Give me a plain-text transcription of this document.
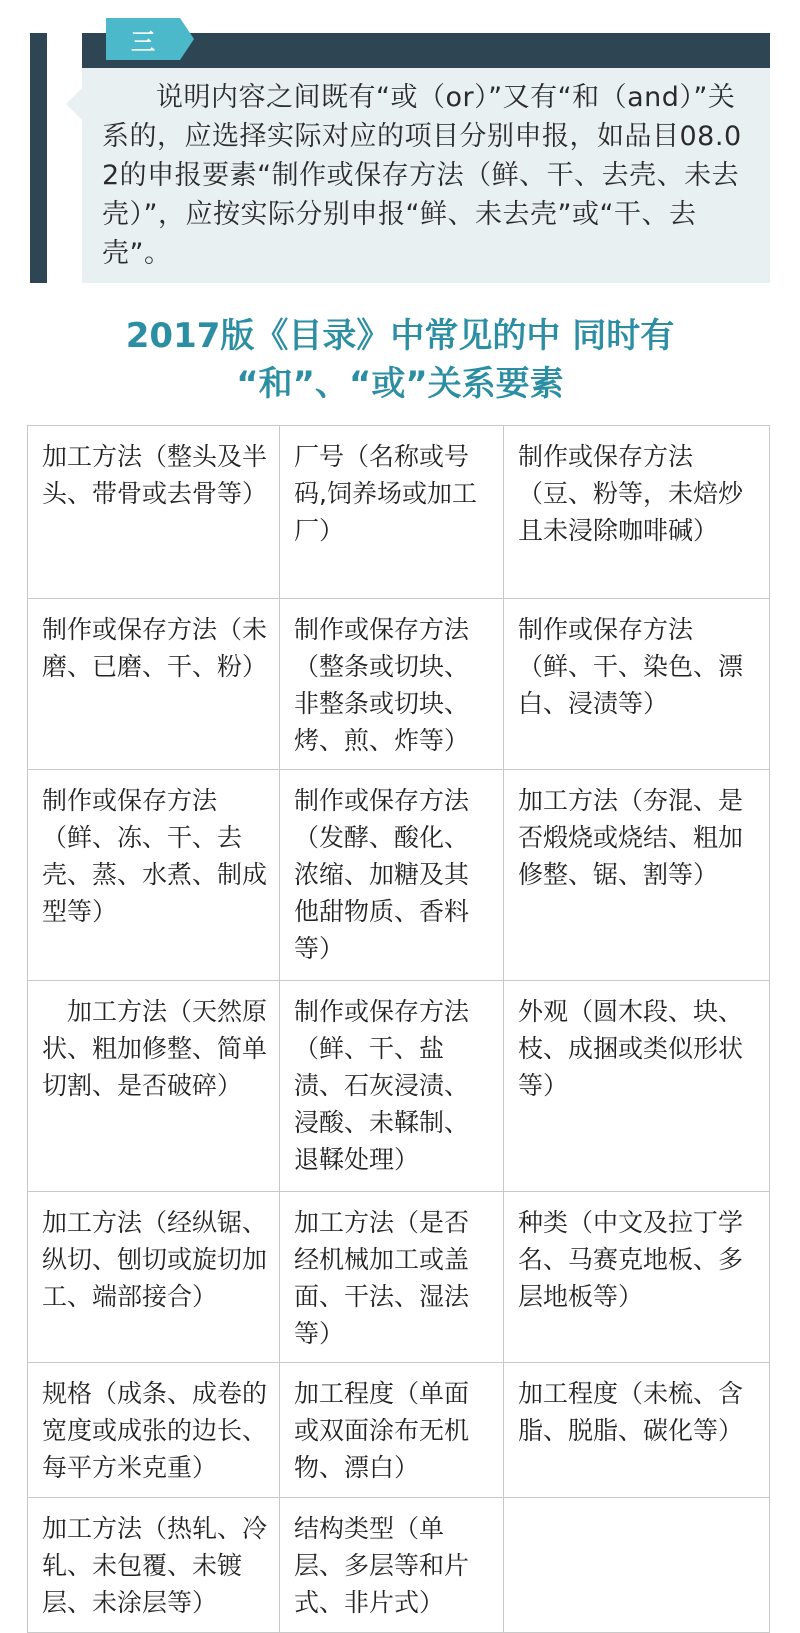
三
说明内容之间既有“或（or）”又有“和（and）”关系的，应选择实际对应的项目分别申报，如品目08.02的申报要素“制作或保存方法（鲜、干、去壳、未去壳）”，应按实际分别申报“鲜、未去壳”或“干、去壳”。
2017版《目录》中常见的中 同时有
“和”、“或”关系要素
加工方法（整头及半头、带骨或去骨等）	厂号（名称或号码,饲养场或加工厂）	制作或保存方法（豆、粉等，未焙炒且未浸除咖啡碱）
制作或保存方法（未磨、已磨、干、粉）	制作或保存方法（整条或切块、非整条或切块、烤、煎、炸等）	制作或保存方法（鲜、干、染色、漂白、浸渍等）
制作或保存方法（鲜、冻、干、去壳、蒸、水煮、制成型等）	制作或保存方法（发酵、酸化、浓缩、加糖及其他甜物质、香料等）	加工方法（夯混、是否煅烧或烧结、粗加修整、锯、割等）
　加工方法（天然原状、粗加修整、简单切割、是否破碎）	制作或保存方法（鲜、干、盐渍、石灰浸渍、浸酸、未鞣制、退鞣处理）	外观（圆木段、块、枝、成捆或类似形状等）
加工方法（经纵锯、纵切、刨切或旋切加工、端部接合）	加工方法（是否经机械加工或盖面、干法、湿法等）	种类（中文及拉丁学名、马赛克地板、多层地板等）
规格（成条、成卷的宽度或成张的边长、每平方米克重）	加工程度（单面或双面涂布无机物、漂白）	加工程度（未梳、含脂、脱脂、碳化等）
加工方法（热轧、冷轧、未包覆、未镀层、未涂层等）	结构类型（单层、多层等和片式、非片式）	
